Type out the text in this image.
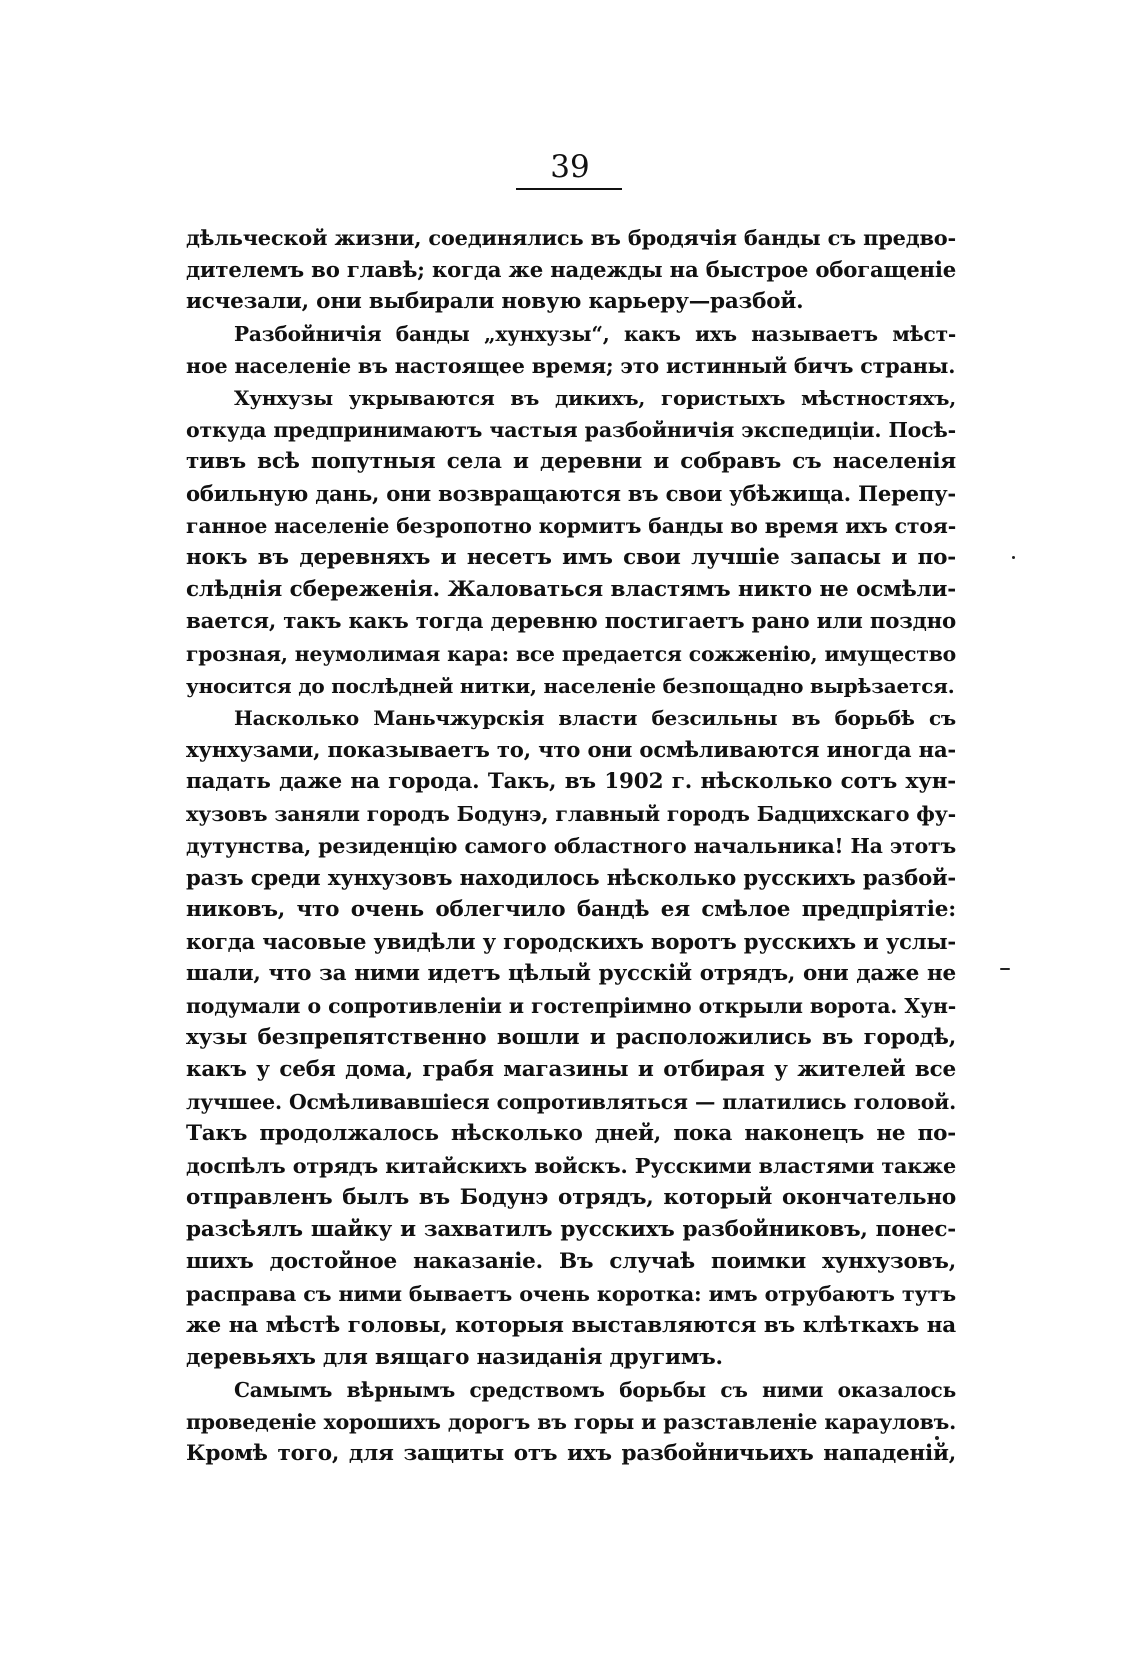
39

дѣльческой жизни, соединялись въ бродячія банды съ предво-
дителемъ во главѣ; когда же надежды на быстрое обогащеніе
исчезали, они выбирали новую карьеру—разбой.

Разбойничія банды „хунхузы“, какъ ихъ называетъ мѣст-
ное населеніе въ настоящее время; это истинный бичъ страны.

Хунхузы укрываются въ дикихъ, гористыхъ мѣстностяхъ,
откуда предпринимаютъ частыя разбойничія экспедиціи. Посѣ-
тивъ всѣ попутныя села и деревни и собравъ съ населенія
обильную дань, они возвращаются въ свои убѣжища. Перепу-
ганное населеніе безропотно кормитъ банды во время ихъ стоя-
нокъ въ деревняхъ и несетъ имъ свои лучшіе запасы и по-
слѣднія сбереженія. Жаловаться властямъ никто не осмѣли-
вается, такъ какъ тогда деревню постигаетъ рано или поздно
грозная, неумолимая кара: все предается сожженію, имущество
уносится до послѣдней нитки, населеніе безпощадно вырѣзается.

Насколько Маньчжурскія власти безсильны въ борьбѣ съ
хунхузами, показываетъ то, что они осмѣливаются иногда на-
падать даже на города. Такъ, въ 1902 г. нѣсколько сотъ хун-
хузовъ заняли городъ Бодунэ, главный городъ Бадцихскаго фу-
дутунства, резиденцію самого областного начальника! На этотъ
разъ среди хунхузовъ находилось нѣсколько русскихъ разбой-
никовъ, что очень облегчило бандѣ ея смѣлое предпріятіе:
когда часовые увидѣли у городскихъ воротъ русскихъ и услы-
шали, что за ними идетъ цѣлый русскій отрядъ, они даже не
подумали о сопротивленіи и гостепріимно открыли ворота. Хун-
хузы безпрепятственно вошли и расположились въ городѣ,
какъ у себя дома, грабя магазины и отбирая у жителей все
лучшее. Осмѣливавшіеся сопротивляться — платились головой.
Такъ продолжалось нѣсколько дней, пока наконецъ не по-
доспѣлъ отрядъ китайскихъ войскъ. Русскими властями также
отправленъ былъ въ Бодунэ отрядъ, который окончательно
разсѣялъ шайку и захватилъ русскихъ разбойниковъ, понес-
шихъ достойное наказаніе. Въ случаѣ поимки хунхузовъ,
расправа съ ними бываетъ очень коротка: имъ отрубаютъ тутъ
же на мѣстѣ головы, которыя выставляются въ клѣткахъ на
деревьяхъ для вящаго назиданія другимъ.

Самымъ вѣрнымъ средствомъ борьбы съ ними оказалось
проведеніе хорошихъ дорогъ въ горы и разставленіе карауловъ.
Кромѣ того, для защиты отъ ихъ разбойничьихъ нападеній,
